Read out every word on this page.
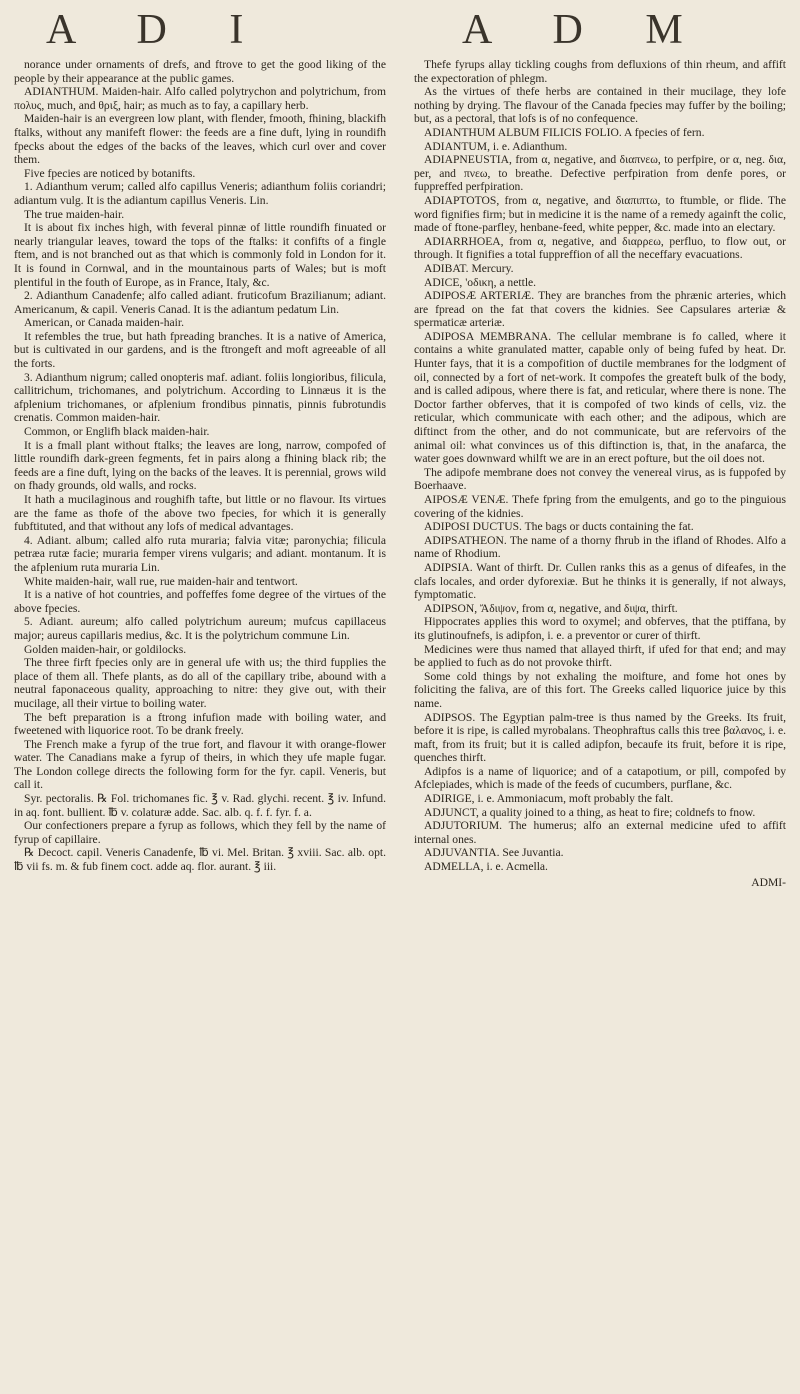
A D I	A D M

norance under ornaments of drefs, and ftrove to get the good liking of the people by their appearance at the public games.

ADIANTHUM. Maiden-hair. Alfo called polytrychon and polytrichum, from πολυς, much, and θριξ, hair; as much as to fay, a capillary herb.

Maiden-hair is an evergreen low plant, with flender, fmooth, fhining, blackifh ftalks, without any manifeft flower: the feeds are a fine duft, lying in roundifh fpecks about the edges of the backs of the leaves, which curl over and cover them.

Five fpecies are noticed by botanifts.

1. Adianthum verum; called alfo capillus Veneris; adianthum foliis coriandri; adiantum vulg. It is the adiantum capillus Veneris. Lin.

The true maiden-hair.

It is about fix inches high, with feveral pinnæ of little roundifh finuated or nearly triangular leaves, toward the tops of the ftalks: it confifts of a fingle ftem, and is not branched out as that which is commonly fold in London for it. It is found in Cornwal, and in the mountainous parts of Wales; but is moft plentiful in the fouth of Europe, as in France, Italy, &c.

2. Adianthum Canadenfe; alfo called adiant. fruticofum Brazilianum; adiant. Americanum, & capil. Veneris Canad. It is the adiantum pedatum Lin.

American, or Canada maiden-hair.

It refembles the true, but hath fpreading branches. It is a native of America, but is cultivated in our gardens, and is the ftrongeft and moft agreeable of all the forts.

3. Adianthum nigrum; called onopteris maf. adiant. foliis longioribus, filicula, callitrichum, trichomanes, and polytrichum. According to Linnæus it is the afplenium trichomanes, or afplenium frondibus pinnatis, pinnis fubrotundis crenatis. Common maiden-hair.

Common, or Englifh black maiden-hair.

It is a fmall plant without ftalks; the leaves are long, narrow, compofed of little roundifh dark-green fegments, fet in pairs along a fhining black rib; the feeds are a fine duft, lying on the backs of the leaves. It is perennial, grows wild on fhady grounds, old walls, and rocks.

It hath a mucilaginous and roughifh tafte, but little or no flavour. Its virtues are the fame as thofe of the above two fpecies, for which it is generally fubftituted, and that without any lofs of medical advantages.

4. Adiant. album; called alfo ruta muraria; falvia vitæ; paronychia; filicula petræa rutæ facie; muraria femper virens vulgaris; and adiant. montanum. It is the afplenium ruta muraria Lin.

White maiden-hair, wall rue, rue maiden-hair and tentwort.

It is a native of hot countries, and poffeffes fome degree of the virtues of the above fpecies.

5. Adiant. aureum; alfo called polytrichum aureum; mufcus capillaceus major; aureus capillaris medius, &c. It is the polytrichum commune Lin.

Golden maiden-hair, or goldilocks.

The three firft fpecies only are in general ufe with us; the third fupplies the place of them all. Thefe plants, as do all of the capillary tribe, abound with a neutral faponaceous quality, approaching to nitre: they give out, with their mucilage, all their virtue to boiling water.

The beft preparation is a ftrong infufion made with boiling water, and fweetened with liquorice root. To be drank freely.

The French make a fyrup of the true fort, and flavour it with orange-flower water. The Canadians make a fyrup of theirs, in which they ufe maple fugar. The London college directs the following form for the fyr. capil. Veneris, but call it.

Syr. pectoralis. ℞ Fol. trichomanes fic. ℥ v. Rad. glychi. recent. ℥ iv. Infund. in aq. font. bullient. ℔ v. colaturæ adde. Sac. alb. q. f. f. fyr. f. a.

Our confectioners prepare a fyrup as follows, which they fell by the name of fyrup of capillaire.

℞ Decoct. capil. Veneris Canadenfe, ℔ vi. Mel. Britan. ℥ xviii. Sac. alb. opt. ℔ vii fs. m. & fub finem coct. adde aq. flor. aurant. ℥ iii.

Thefe fyrups allay tickling coughs from defluxions of thin rheum, and affift the expectoration of phlegm.

As the virtues of thefe herbs are contained in their mucilage, they lofe nothing by drying. The flavour of the Canada fpecies may fuffer by the boiling; but, as a pectoral, that lofs is of no confequence.

ADIANTHUM ALBUM FILICIS FOLIO. A fpecies of fern.

ADIANTUM, i. e. Adianthum.

ADIAPNEUSTIA, from α, negative, and διαπνεω, to perfpire, or α, neg. δια, per, and πνεω, to breathe. Defective perfpiration from denfe pores, or fuppreffed perfpiration.

ADIAPTOTOS, from α, negative, and διαπιπτω, to ftumble, or flide. The word fignifies firm; but in medicine it is the name of a remedy againft the colic, made of ftone-parfley, henbane-feed, white pepper, &c. made into an electary.

ADIARRHOEA, from α, negative, and διαρρεω, perfluo, to flow out, or through. It fignifies a total fuppreffion of all the neceffary evacuations.

ADIBAT. Mercury.

ADICE, 'οδικη, a nettle.

ADIPOSÆ ARTERIÆ. They are branches from the phrænic arteries, which are fpread on the fat that covers the kidnies. See Capsulares arteriæ & spermaticæ arteriæ.

ADIPOSA MEMBRANA. The cellular membrane is fo called, where it contains a white granulated matter, capable only of being fufed by heat. Dr. Hunter fays, that it is a compofition of ductile membranes for the lodgment of oil, connected by a fort of net-work. It compofes the greateft bulk of the body, and is called adipous, where there is fat, and reticular, where there is none. The Doctor farther obferves, that it is compofed of two kinds of cells, viz. the reticular, which communicate with each other; and the adipous, which are diftinct from the other, and do not communicate, but are refervoirs of the animal oil: what convinces us of this diftinction is, that, in the anafarca, the water goes downward whilft we are in an erect pofture, but the oil does not.

The adipofe membrane does not convey the venereal virus, as is fuppofed by Boerhaave.

AIPOSÆ VENÆ. Thefe fpring from the emulgents, and go to the pinguious covering of the kidnies.

ADIPOSI DUCTUS. The bags or ducts containing the fat.

ADIPSATHEON. The name of a thorny fhrub in the ifland of Rhodes. Alfo a name of Rhodium.

ADIPSIA. Want of thirft. Dr. Cullen ranks this as a genus of difeafes, in the clafs locales, and order dyforexiæ. But he thinks it is generally, if not always, fymptomatic.

ADIPSON, Ἄδιψον, from α, negative, and διψα, thirft.

Hippocrates applies this word to oxymel; and obferves, that the ptiffana, by its glutinoufnefs, is adipfon, i. e. a preventor or curer of thirft.

Medicines were thus named that allayed thirft, if ufed for that end; and may be applied to fuch as do not provoke thirft.

Some cold things by not exhaling the moifture, and fome hot ones by foliciting the faliva, are of this fort. The Greeks called liquorice juice by this name.

ADIPSOS. The Egyptian palm-tree is thus named by the Greeks. Its fruit, before it is ripe, is called myrobalans. Theophraftus calls this tree βαλανος, i. e. maft, from its fruit; but it is called adipfon, becaufe its fruit, before it is ripe, quenches thirft.

Adipfos is a name of liquorice; and of a catapotium, or pill, compofed by Afclepiades, which is made of the feeds of cucumbers, purflane, &c.

ADIRIGE, i. e. Ammoniacum, moft probably the falt.

ADJUNCT, a quality joined to a thing, as heat to fire; coldnefs to fnow.

ADJUTORIUM. The humerus; alfo an external medicine ufed to affift internal ones.

ADJUVANTIA. See Juvantia.

ADMELLA, i. e. Acmella.

ADMI-
